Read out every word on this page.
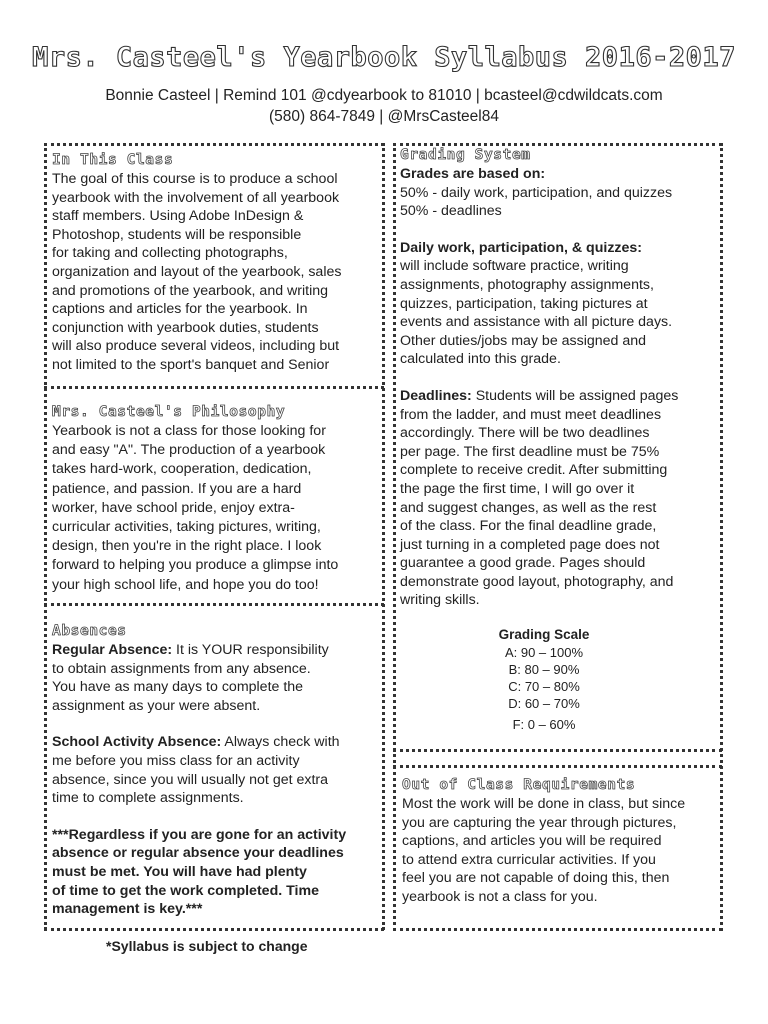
Mrs. Casteel's Yearbook Syllabus 2016-2017
Bonnie Casteel | Remind 101 @cdyearbook to 81010 | bcasteel@cdwildcats.com
(580) 864-7849 | @MrsCasteel84
In This Class

The goal of this course is to produce a school
yearbook with the involvement of all yearbook
staff members. Using Adobe InDesign &
Photoshop, students will be responsible
for taking and collecting photographs,
organization and layout of the yearbook, sales
and promotions of the yearbook, and writing
captions and articles for the yearbook. In
conjunction with yearbook duties, students
will also produce several videos, including but
not limited to the sport's banquet and Senior

Mrs. Casteel's Philosophy

Yearbook is not a class for those looking for
and easy "A". The production of a yearbook
takes hard-work, cooperation, dedication,
patience, and passion. If you are a hard
worker, have school pride, enjoy extra-
curricular activities, taking pictures, writing,
design, then you're in the right place. I look
forward to helping you produce a glimpse into
your high school life, and hope you do too!

Absences

Regular Absence: It is YOUR responsibility
to obtain assignments from any absence.
You have as many days to complete the
assignment as your were absent.

School Activity Absence: Always check with
me before you miss class for an activity
absence, since you will usually not get extra
time to complete assignments.

***Regardless if you are gone for an activity
absence or regular absence your deadlines
must be met. You will have had plenty
of time to get the work completed. Time
management is key.***

Grading System

Grades are based on:

50% - daily work, participation, and quizzes
50% - deadlines

Daily work, participation, & quizzes:

will include software practice, writing
assignments, photography assignments,
quizzes, participation, taking pictures at
events and assistance with all picture days.
Other duties/jobs may be assigned and
calculated into this grade.

Deadlines: Students will be assigned pages
from the ladder, and must meet deadlines
accordingly. There will be two deadlines
per page. The first deadline must be 75%
complete to receive credit. After submitting
the page the first time, I will go over it
and suggest changes, as well as the rest
of the class. For the final deadline grade,
just turning in a completed page does not
guarantee a good grade. Pages should
demonstrate good layout, photography, and
writing skills.

Grading Scale
A: 90 – 100%
B: 80 – 90%
C: 70 – 80%
D: 60 – 70%
F: 0 – 60%
Out of Class Requirements

Most the work will be done in class, but since
you are capturing the year through pictures,
captions, and articles you will be required
to attend extra curricular activities. If you
feel you are not capable of doing this, then
yearbook is not a class for you.

*Syllabus is subject to change
